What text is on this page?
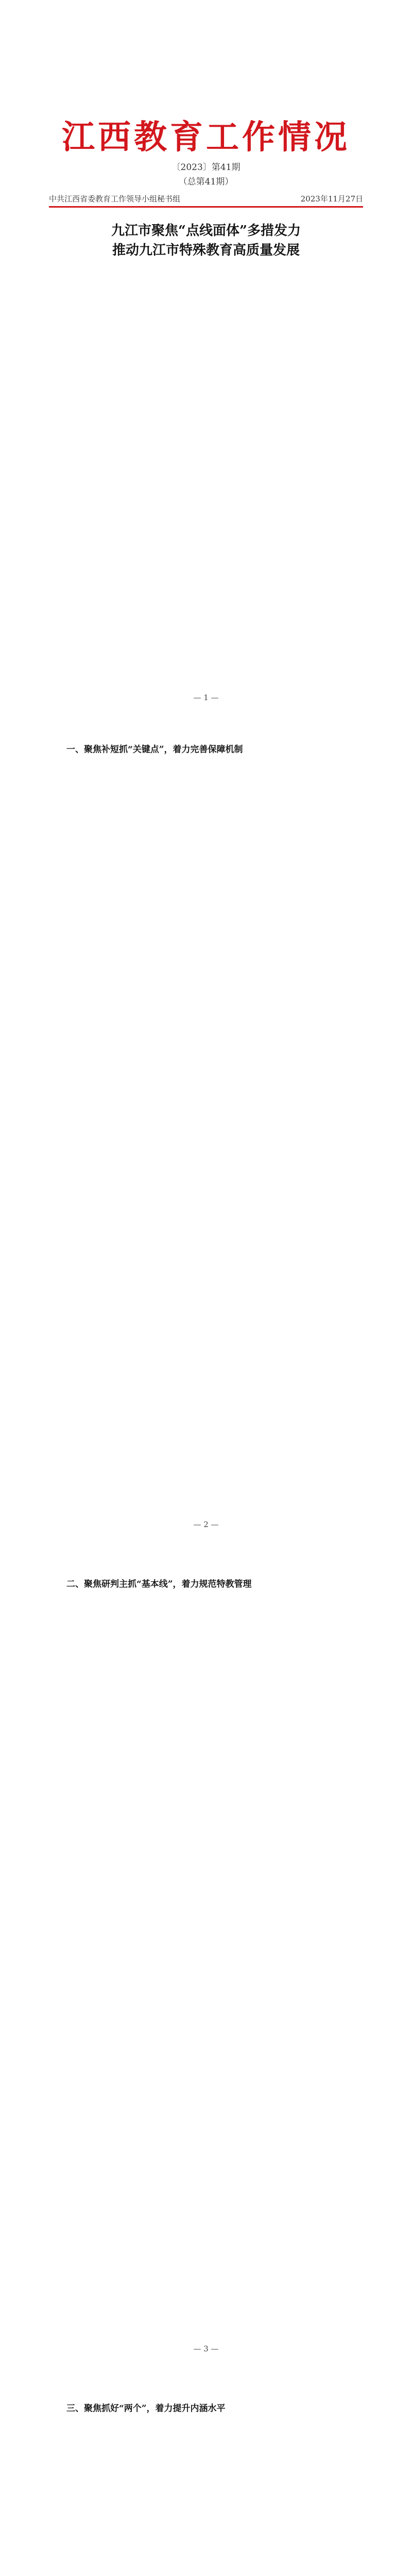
江西教育工作情况
〔2023〕第41期
（总第41期）
中共江西省委教育工作领导小组秘书组	2023年11月27日
九江市聚焦“点线面体”多措发力
推动九江市特殊教育高质量发展

— 1 —

一、聚焦补短抓“关键点”，着力完善保障机制

— 2 —

二、聚焦研判主抓“基本线”，着力规范特教管理

— 3 —

三、聚焦抓好“两个”，着力提升内涵水平
